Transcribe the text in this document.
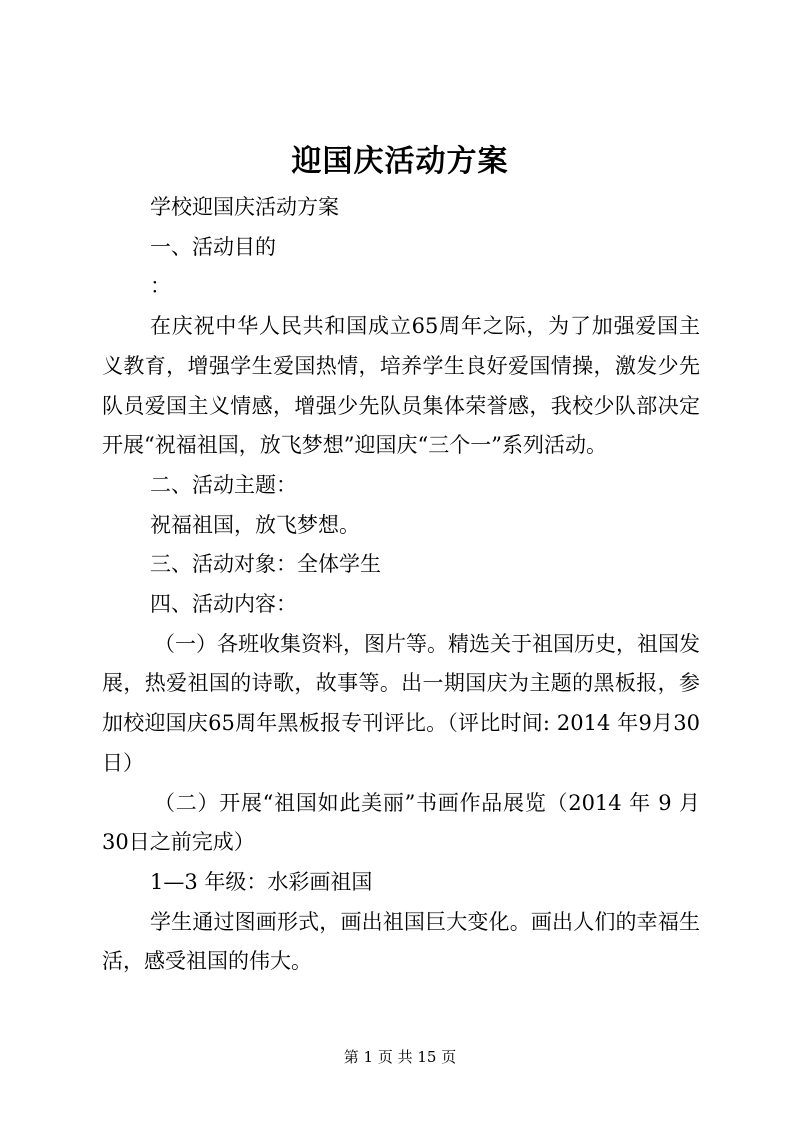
迎国庆活动方案

学校迎国庆活动方案

一、活动目的

：

在庆祝中华人民共和国成立65周年之际，为了加强爱国主义教育，增强学生爱国热情，培养学生良好爱国情操，激发少先队员爱国主义情感，增强少先队员集体荣誉感，我校少队部决定开展“祝福祖国，放飞梦想”迎国庆“三个一”系列活动。

二、活动主题：

祝福祖国，放飞梦想。

三、活动对象：全体学生

四、活动内容：

（一）各班收集资料，图片等。精选关于祖国历史，祖国发展，热爱祖国的诗歌，故事等。出一期国庆为主题的黑板报，参加校迎国庆65周年黑板报专刊评比。（评比时间: 2014 年9月30日）

（二）开展“祖国如此美丽”书画作品展览（2014 年 9 月 30日之前完成）

1—3 年级：水彩画祖国

学生通过图画形式，画出祖国巨大变化。画出人们的幸福生活，感受祖国的伟大。

第 1 页 共 15 页
